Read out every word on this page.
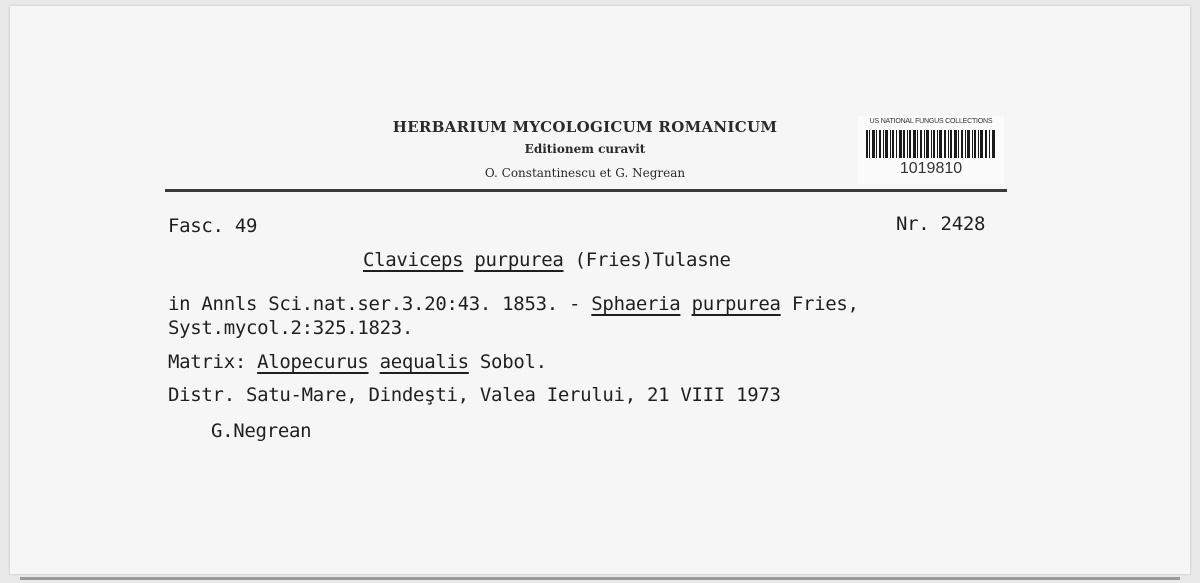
HERBARIUM MYCOLOGICUM ROMANICUM
Editionem curavit
O. Constantinescu et G. Negrean
US NATIONAL FUNGUS COLLECTIONS
1019810
Fasc. 49	Nr. 2428
Claviceps purpurea (Fries)Tulasne
in Annls Sci.nat.ser.3.20:43. 1853. - Sphaeria purpurea Fries,
Syst.mycol.2:325.1823.
Matrix: Alopecurus aequalis Sobol.
Distr. Satu-Mare, Dindeşti, Valea Ierului, 21 VIII 1973
G.Negrean
